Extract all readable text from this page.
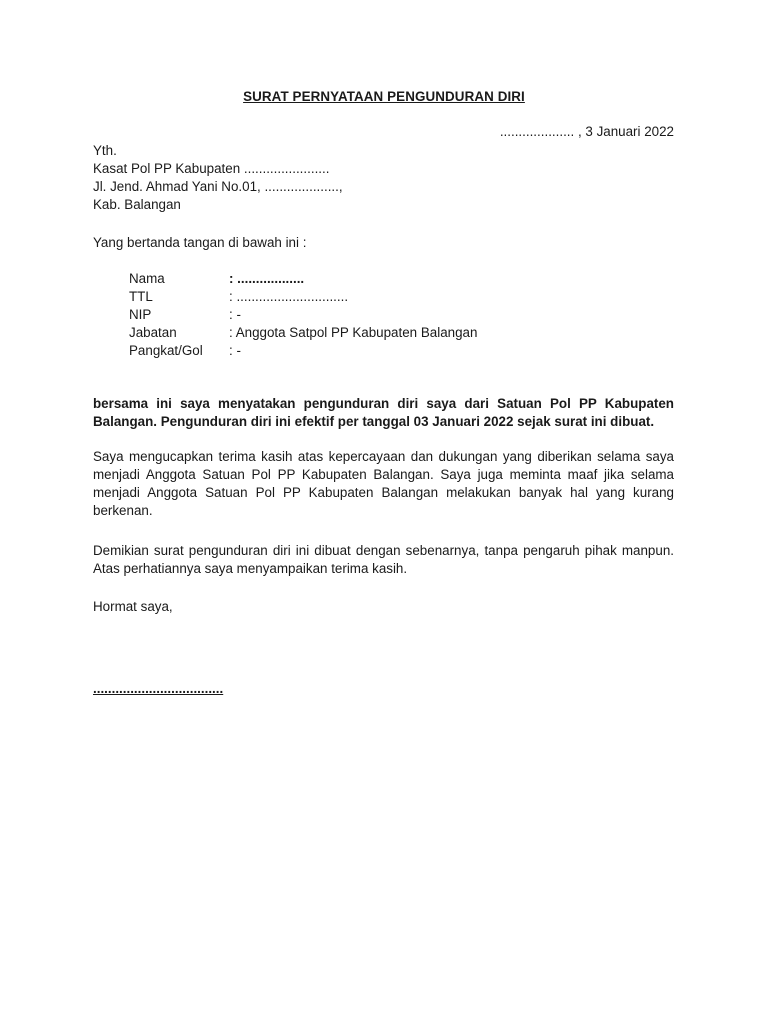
SURAT PERNYATAAN PENGUNDURAN DIRI
.................... , 3 Januari 2022
Yth.
Kasat Pol PP Kabupaten .......................
Jl. Jend. Ahmad Yani No.01, ....................,
Kab. Balangan
Yang bertanda tangan di bawah ini :
Nama	: ..................
TTL	: ..............................
NIP	: -
Jabatan	: Anggota Satpol PP Kabupaten Balangan
Pangkat/Gol : -
bersama ini saya menyatakan pengunduran diri saya dari Satuan Pol PP Kabupaten Balangan. Pengunduran diri ini efektif per tanggal 03 Januari 2022 sejak surat ini dibuat.
Saya mengucapkan terima kasih atas kepercayaan dan dukungan yang diberikan selama saya menjadi Anggota Satuan Pol PP Kabupaten Balangan. Saya juga meminta maaf jika selama menjadi Anggota Satuan Pol PP Kabupaten Balangan melakukan banyak hal yang kurang berkenan.
Demikian surat pengunduran diri ini dibuat dengan sebenarnya, tanpa pengaruh pihak manpun. Atas perhatiannya saya menyampaikan terima kasih.
Hormat saya,
...................................
